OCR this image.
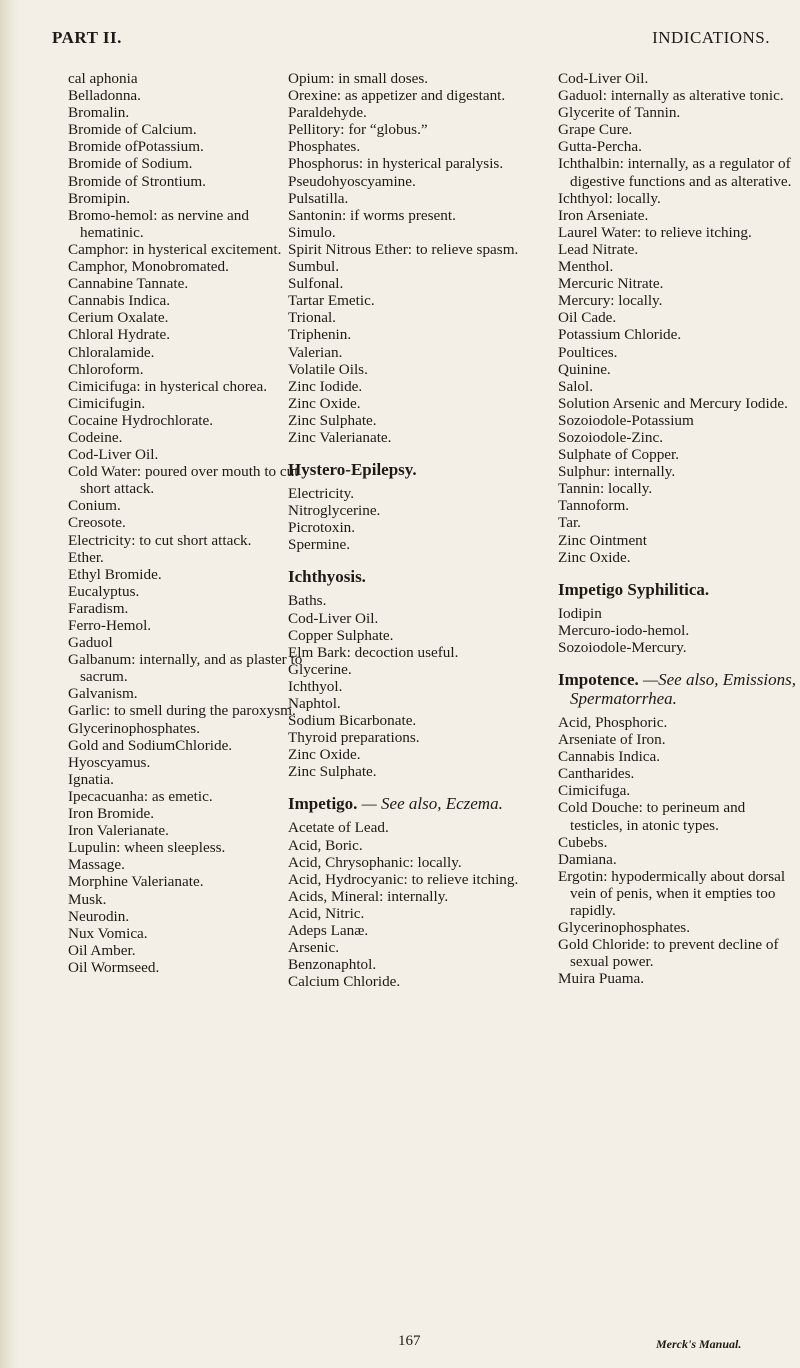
PART II.	INDICATIONS.
cal aphonia
Belladonna.
Bromalin.
Bromide of Calcium.
Bromide ofPotassium.
Bromide of Sodium.
Bromide of Strontium.
Bromipin.
Bromo-hemol: as nervine and hematinic.
Camphor: in hysterical excitement.
Camphor, Monobromated.
Cannabine Tannate.
Cannabis Indica.
Cerium Oxalate.
Chloral Hydrate.
Chloralamide.
Chloroform.
Cimicifuga: in hysterical chorea.
Cimicifugin.
Cocaine Hydrochlorate.
Codeine.
Cod-Liver Oil.
Cold Water: poured over mouth to cut short attack.
Conium.
Creosote.
Electricity: to cut short attack.
Ether.
Ethyl Bromide.
Eucalyptus.
Faradism.
Ferro-Hemol.
Gaduol
Galbanum: internally, and as plaster to sacrum.
Galvanism.
Garlic: to smell during the paroxysm.
Glycerinophosphates.
Gold and SodiumChloride.
Hyoscyamus.
Ignatia.
Ipecacuanha: as emetic.
Iron Bromide.
Iron Valerianate.
Lupulin: wheen sleepless.
Massage.
Morphine Valerianate.
Musk.
Neurodin.
Nux Vomica.
Oil Amber.
Oil Wormseed.
Opium: in small doses.
Orexine: as appetizer and digestant.
Paraldehyde.
Pellitory: for “globus.”
Phosphates.
Phosphorus: in hysterical paralysis.
Pseudohyoscyamine.
Pulsatilla.
Santonin: if worms present.
Simulo.
Spirit Nitrous Ether: to relieve spasm.
Sumbul.
Sulfonal.
Tartar Emetic.
Trional.
Triphenin.
Valerian.
Volatile Oils.
Zinc Iodide.
Zinc Oxide.
Zinc Sulphate.
Zinc Valerianate.
Hystero-Epilepsy.
Electricity.
Nitroglycerine.
Picrotoxin.
Spermine.
Ichthyosis.
Baths.
Cod-Liver Oil.
Copper Sulphate.
Elm Bark: decoction useful.
Glycerine.
Ichthyol.
Naphtol.
Sodium Bicarbonate.
Thyroid preparations.
Zinc Oxide.
Zinc Sulphate.
Impetigo. — See also, Eczema.
Acetate of Lead.
Acid, Boric.
Acid, Chrysophanic: locally.
Acid, Hydrocyanic: to relieve itching.
Acids, Mineral: internally.
Acid, Nitric.
Adeps Lanæ.
Arsenic.
Benzonaphtol.
Calcium Chloride.
Cod-Liver Oil.
Gaduol: internally as alterative tonic.
Glycerite of Tannin.
Grape Cure.
Gutta-Percha.
Ichthalbin: internally, as a regulator of digestive functions and as alterative.
Ichthyol: locally.
Iron Arseniate.
Laurel Water: to relieve itching.
Lead Nitrate.
Menthol.
Mercuric Nitrate.
Mercury: locally.
Oil Cade.
Potassium Chloride.
Poultices.
Quinine.
Salol.
Solution Arsenic and Mercury Iodide.
Sozoiodole-Potassium
Sozoiodole-Zinc.
Sulphate of Copper.
Sulphur: internally.
Tannin: locally.
Tannoform.
Tar.
Zinc Ointment
Zinc Oxide.
Impetigo Syphilitica.
Iodipin
Mercuro-iodo-hemol.
Sozoiodole-Mercury.
Impotence. —See also, Emissions, Spermatorrhea.
Acid, Phosphoric.
Arseniate of Iron.
Cannabis Indica.
Cantharides.
Cimicifuga.
Cold Douche: to perineum and testicles, in atonic types.
Cubebs.
Damiana.
Ergotin: hypodermically about dorsal vein of penis, when it empties too rapidly.
Glycerinophosphates.
Gold Chloride: to prevent decline of sexual power.
Muira Puama.
167	Merck's Manual.
